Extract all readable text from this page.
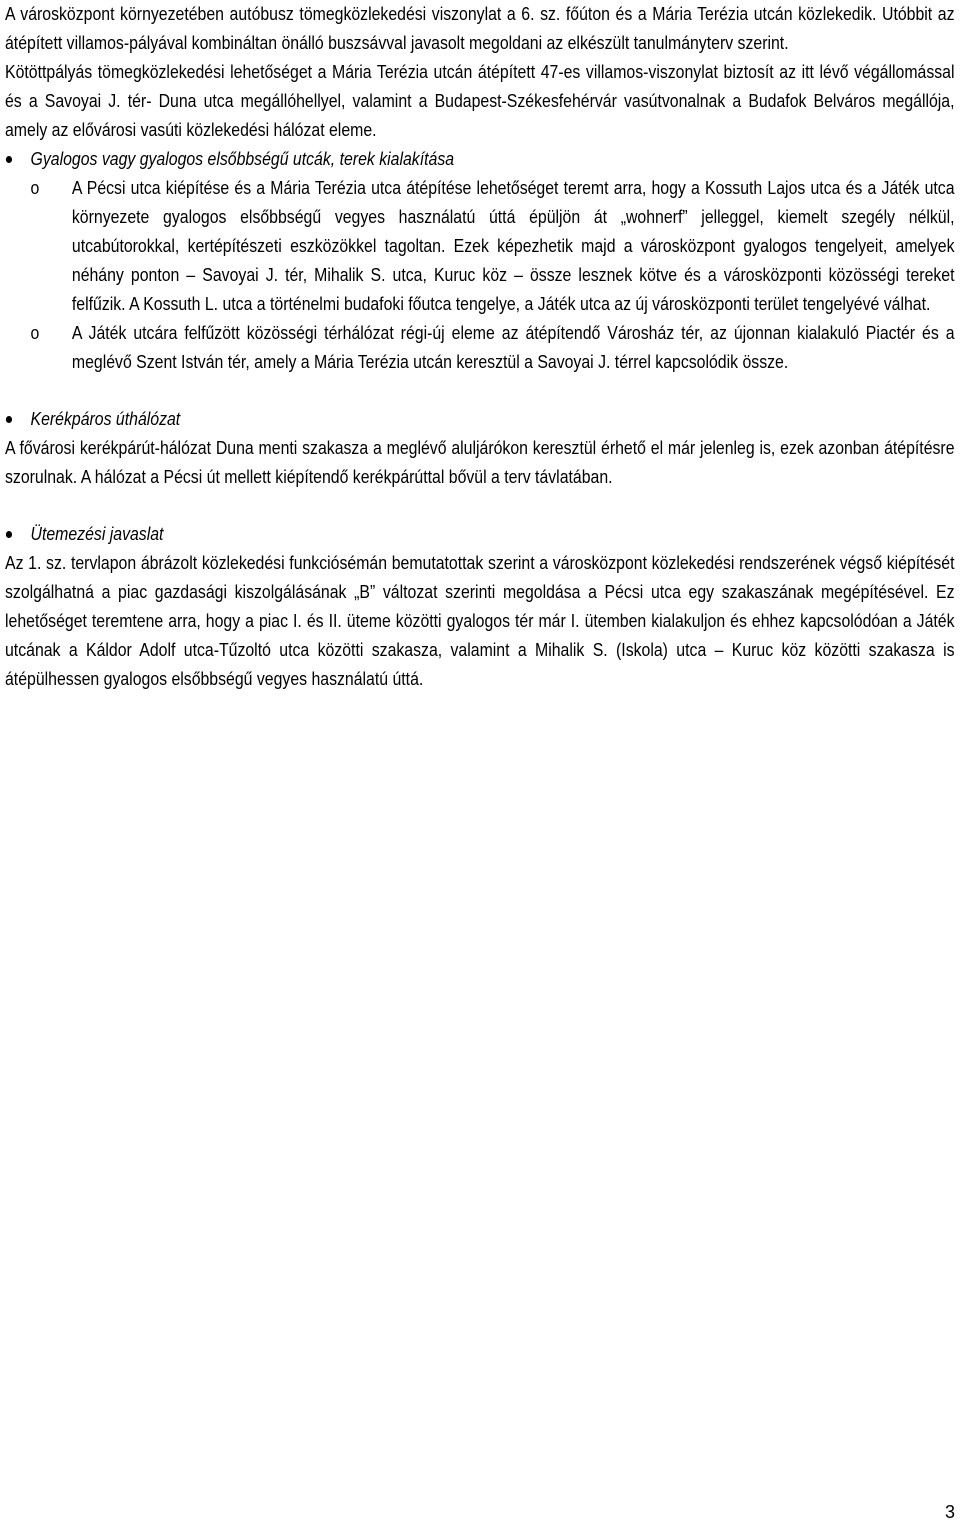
A városközpont környezetében autóbusz tömegközlekedési viszonylat a 6. sz. főúton és a Mária Terézia utcán közlekedik. Utóbbit az átépített villamos-pályával kombináltan önálló buszsávval javasolt megoldani az elkészült tanulmányterv szerint.

Kötöttpályás tömegközlekedési lehetőséget a Mária Terézia utcán átépített 47-es villamos-viszonylat biztosít az itt lévő végállomással és a Savoyai J. tér- Duna utca megállóhellyel, valamint a Budapest-Székesfehérvár vasútvonalnak a Budafok Belváros megállója, amely az elővárosi vasúti közlekedési hálózat eleme.

Gyalogos vagy gyalogos elsőbbségű utcák, terek kialakítása
o A Pécsi utca kiépítése és a Mária Terézia utca átépítése lehetőséget teremt arra, hogy a Kossuth Lajos utca és a Játék utca környezete gyalogos elsőbbségű vegyes használatú úttá épüljön át „wohnerf” jelleggel, kiemelt szegély nélkül, utcabútorokkal, kertépítészeti eszközökkel tagoltan. Ezek képezhetik majd a városközpont gyalogos tengelyeit, amelyek néhány ponton – Savoyai J. tér, Mihalik S. utca, Kuruc köz – össze lesznek kötve és a városközponti közösségi tereket felfűzik. A Kossuth L. utca a történelmi budafoki főutca tengelye, a Játék utca az új városközponti terület tengelyévé válhat.
o A Játék utcára felfűzött közösségi térhálózat régi-új eleme az átépítendő Városház tér, az újonnan kialakuló Piactér és a meglévő Szent István tér, amely a Mária Terézia utcán keresztül a Savoyai J. térrel kapcsolódik össze.
Kerékpáros úthálózat

A fővárosi kerékpárút-hálózat Duna menti szakasza a meglévő aluljárókon keresztül érhető el már jelenleg is, ezek azonban átépítésre szorulnak. A hálózat a Pécsi út mellett kiépítendő kerékpárúttal bővül a terv távlatában.

Ütemezési javaslat

Az 1. sz. tervlapon ábrázolt közlekedési funkciósémán bemutatottak szerint a városközpont közlekedési rendszerének végső kiépítését szolgálhatná a piac gazdasági kiszolgálásának „B” változat szerinti megoldása a Pécsi utca egy szakaszának megépítésével. Ez lehetőséget teremtene arra, hogy a piac I. és II. üteme közötti gyalogos tér már I. ütemben kialakuljon és ehhez kapcsolódóan a Játék utcának a Káldor Adolf utca-Tűzoltó utca közötti szakasza, valamint a Mihalik S. (Iskola) utca – Kuruc köz közötti szakasza is átépülhessen gyalogos elsőbbségű vegyes használatú úttá.

3
